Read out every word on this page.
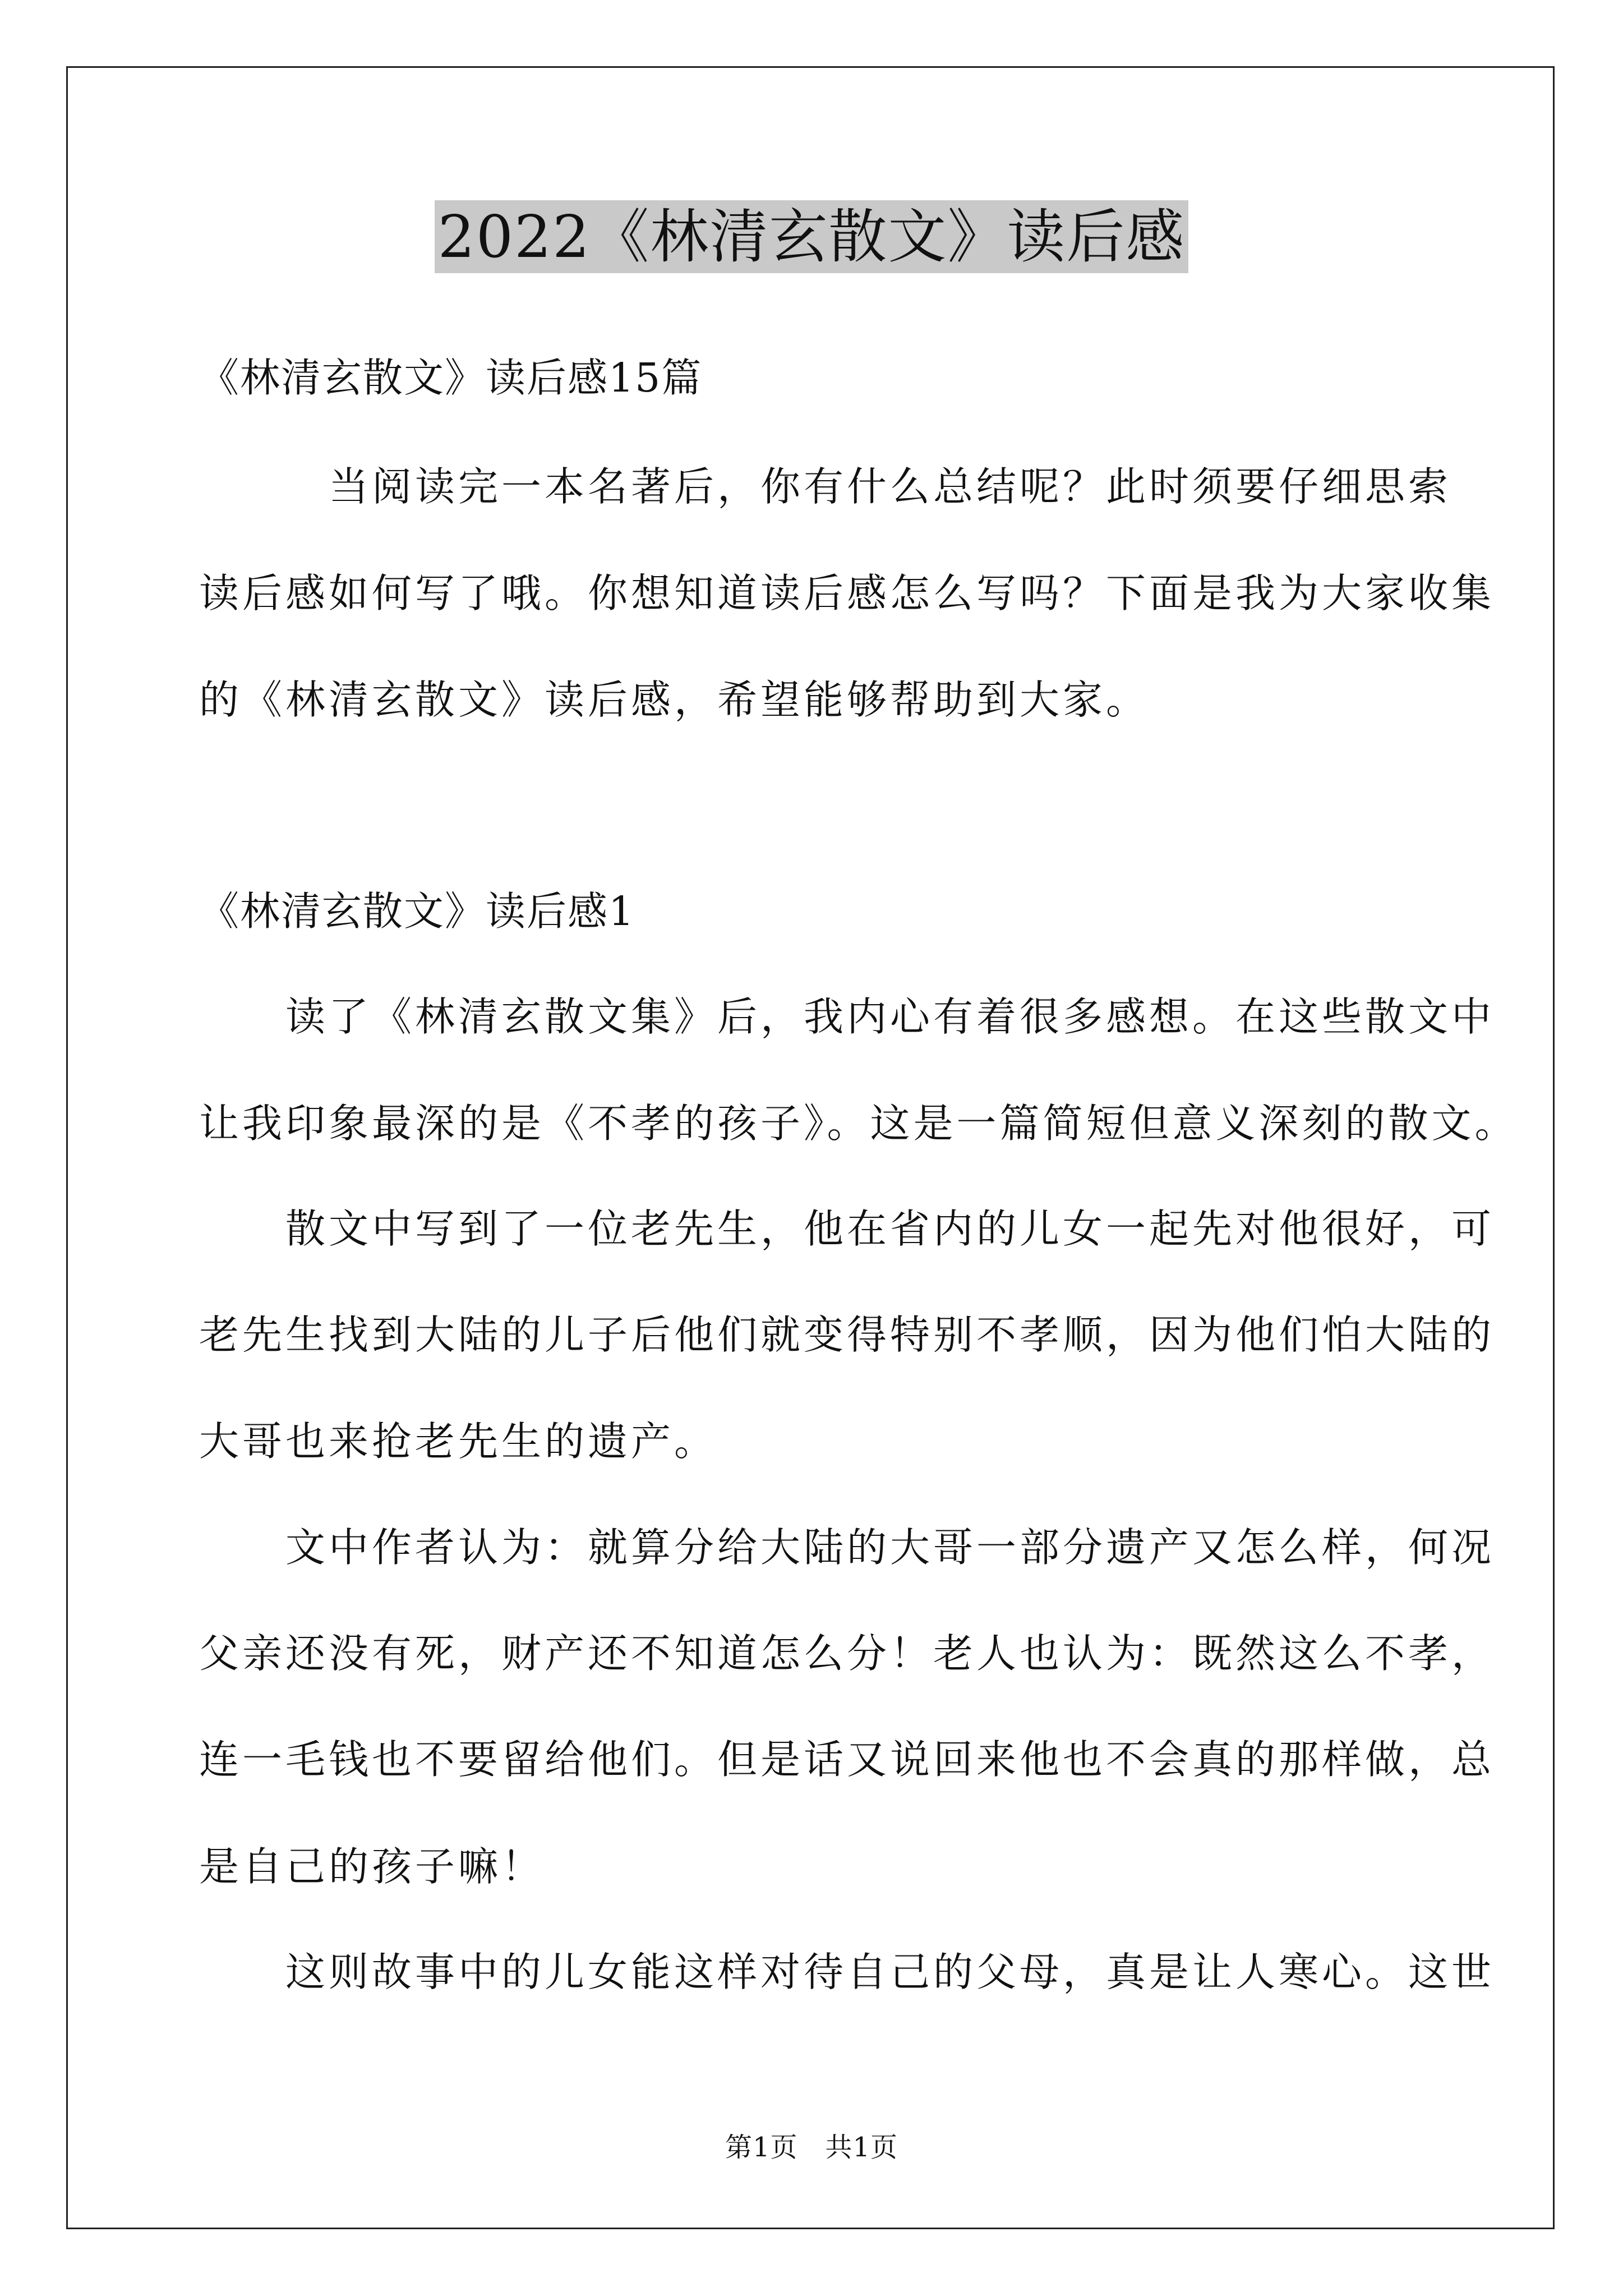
2022《林清玄散文》读后感
《林清玄散文》读后感15篇
　　　当阅读完一本名著后，你有什么总结呢？此时须要仔细思索
读后感如何写了哦。你想知道读后感怎么写吗？下面是我为大家收集
的《林清玄散文》读后感，希望能够帮助到大家。
《林清玄散文》读后感1
　　读了《林清玄散文集》后，我内心有着很多感想。在这些散文中
让我印象最深的是《不孝的孩子》。这是一篇简短但意义深刻的散文。
　　散文中写到了一位老先生，他在省内的儿女一起先对他很好，可
老先生找到大陆的儿子后他们就变得特别不孝顺，因为他们怕大陆的
大哥也来抢老先生的遗产。
　　文中作者认为：就算分给大陆的大哥一部分遗产又怎么样，何况
父亲还没有死，财产还不知道怎么分！老人也认为：既然这么不孝，
连一毛钱也不要留给他们。但是话又说回来他也不会真的那样做，总
是自己的孩子嘛！
　　这则故事中的儿女能这样对待自己的父母，真是让人寒心。这世
第1页　共1页
